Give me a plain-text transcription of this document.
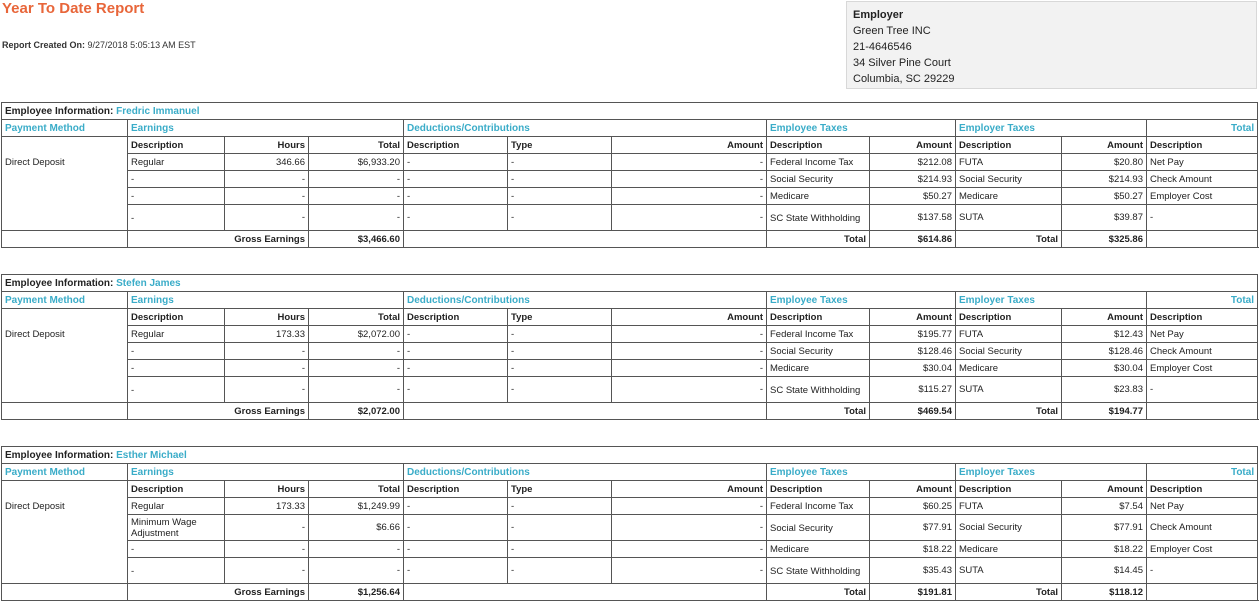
Year To Date Report
Report Created On: 9/27/2018 5:05:13 AM EST
Employer
Green Tree INC
21-4646546
34 Silver Pine Court
Columbia, SC 29229
Employee Information: Fredric Immanuel												
Payment Method	Earnings			Deductions/Contributions			Employee Taxes		Employer Taxes		Total	
	Description	Hours	Total	Description	Type	Amount	Description	Amount	Description	Amount	Description	
Direct Deposit	Regular	346.66	$6,933.20	-	-	-	Federal Income Tax	$212.08	FUTA	$20.80	Net Pay	
	-	-	-	-	-	-	Social Security	$214.93	Social Security	$214.93	Check Amount	
	-	-	-	-	-	-	Medicare	$50.27	Medicare	$50.27	Employer Cost	
	-	-	-	-	-	-	SC State Withholding	$137.58	SUTA	$39.87	-	
	Gross Earnings		$3,466.60				Total	$614.86	Total	$325.86		
Employee Information: Stefen James												
Payment Method	Earnings			Deductions/Contributions			Employee Taxes		Employer Taxes		Total	
	Description	Hours	Total	Description	Type	Amount	Description	Amount	Description	Amount	Description	
Direct Deposit	Regular	173.33	$2,072.00	-	-	-	Federal Income Tax	$195.77	FUTA	$12.43	Net Pay	
	-	-	-	-	-	-	Social Security	$128.46	Social Security	$128.46	Check Amount	
	-	-	-	-	-	-	Medicare	$30.04	Medicare	$30.04	Employer Cost	
	-	-	-	-	-	-	SC State Withholding	$115.27	SUTA	$23.83	-	
	Gross Earnings		$2,072.00				Total	$469.54	Total	$194.77		
Employee Information: Esther Michael												
Payment Method	Earnings			Deductions/Contributions			Employee Taxes		Employer Taxes		Total	
	Description	Hours	Total	Description	Type	Amount	Description	Amount	Description	Amount	Description	
Direct Deposit	Regular	173.33	$1,249.99	-	-	-	Federal Income Tax	$60.25	FUTA	$7.54	Net Pay	
	Minimum Wage Adjustment	-	$6.66	-	-	-	Social Security	$77.91	Social Security	$77.91	Check Amount	
	-	-	-	-	-	-	Medicare	$18.22	Medicare	$18.22	Employer Cost	
	-	-	-	-	-	-	SC State Withholding	$35.43	SUTA	$14.45	-	
	Gross Earnings		$1,256.64				Total	$191.81	Total	$118.12		
